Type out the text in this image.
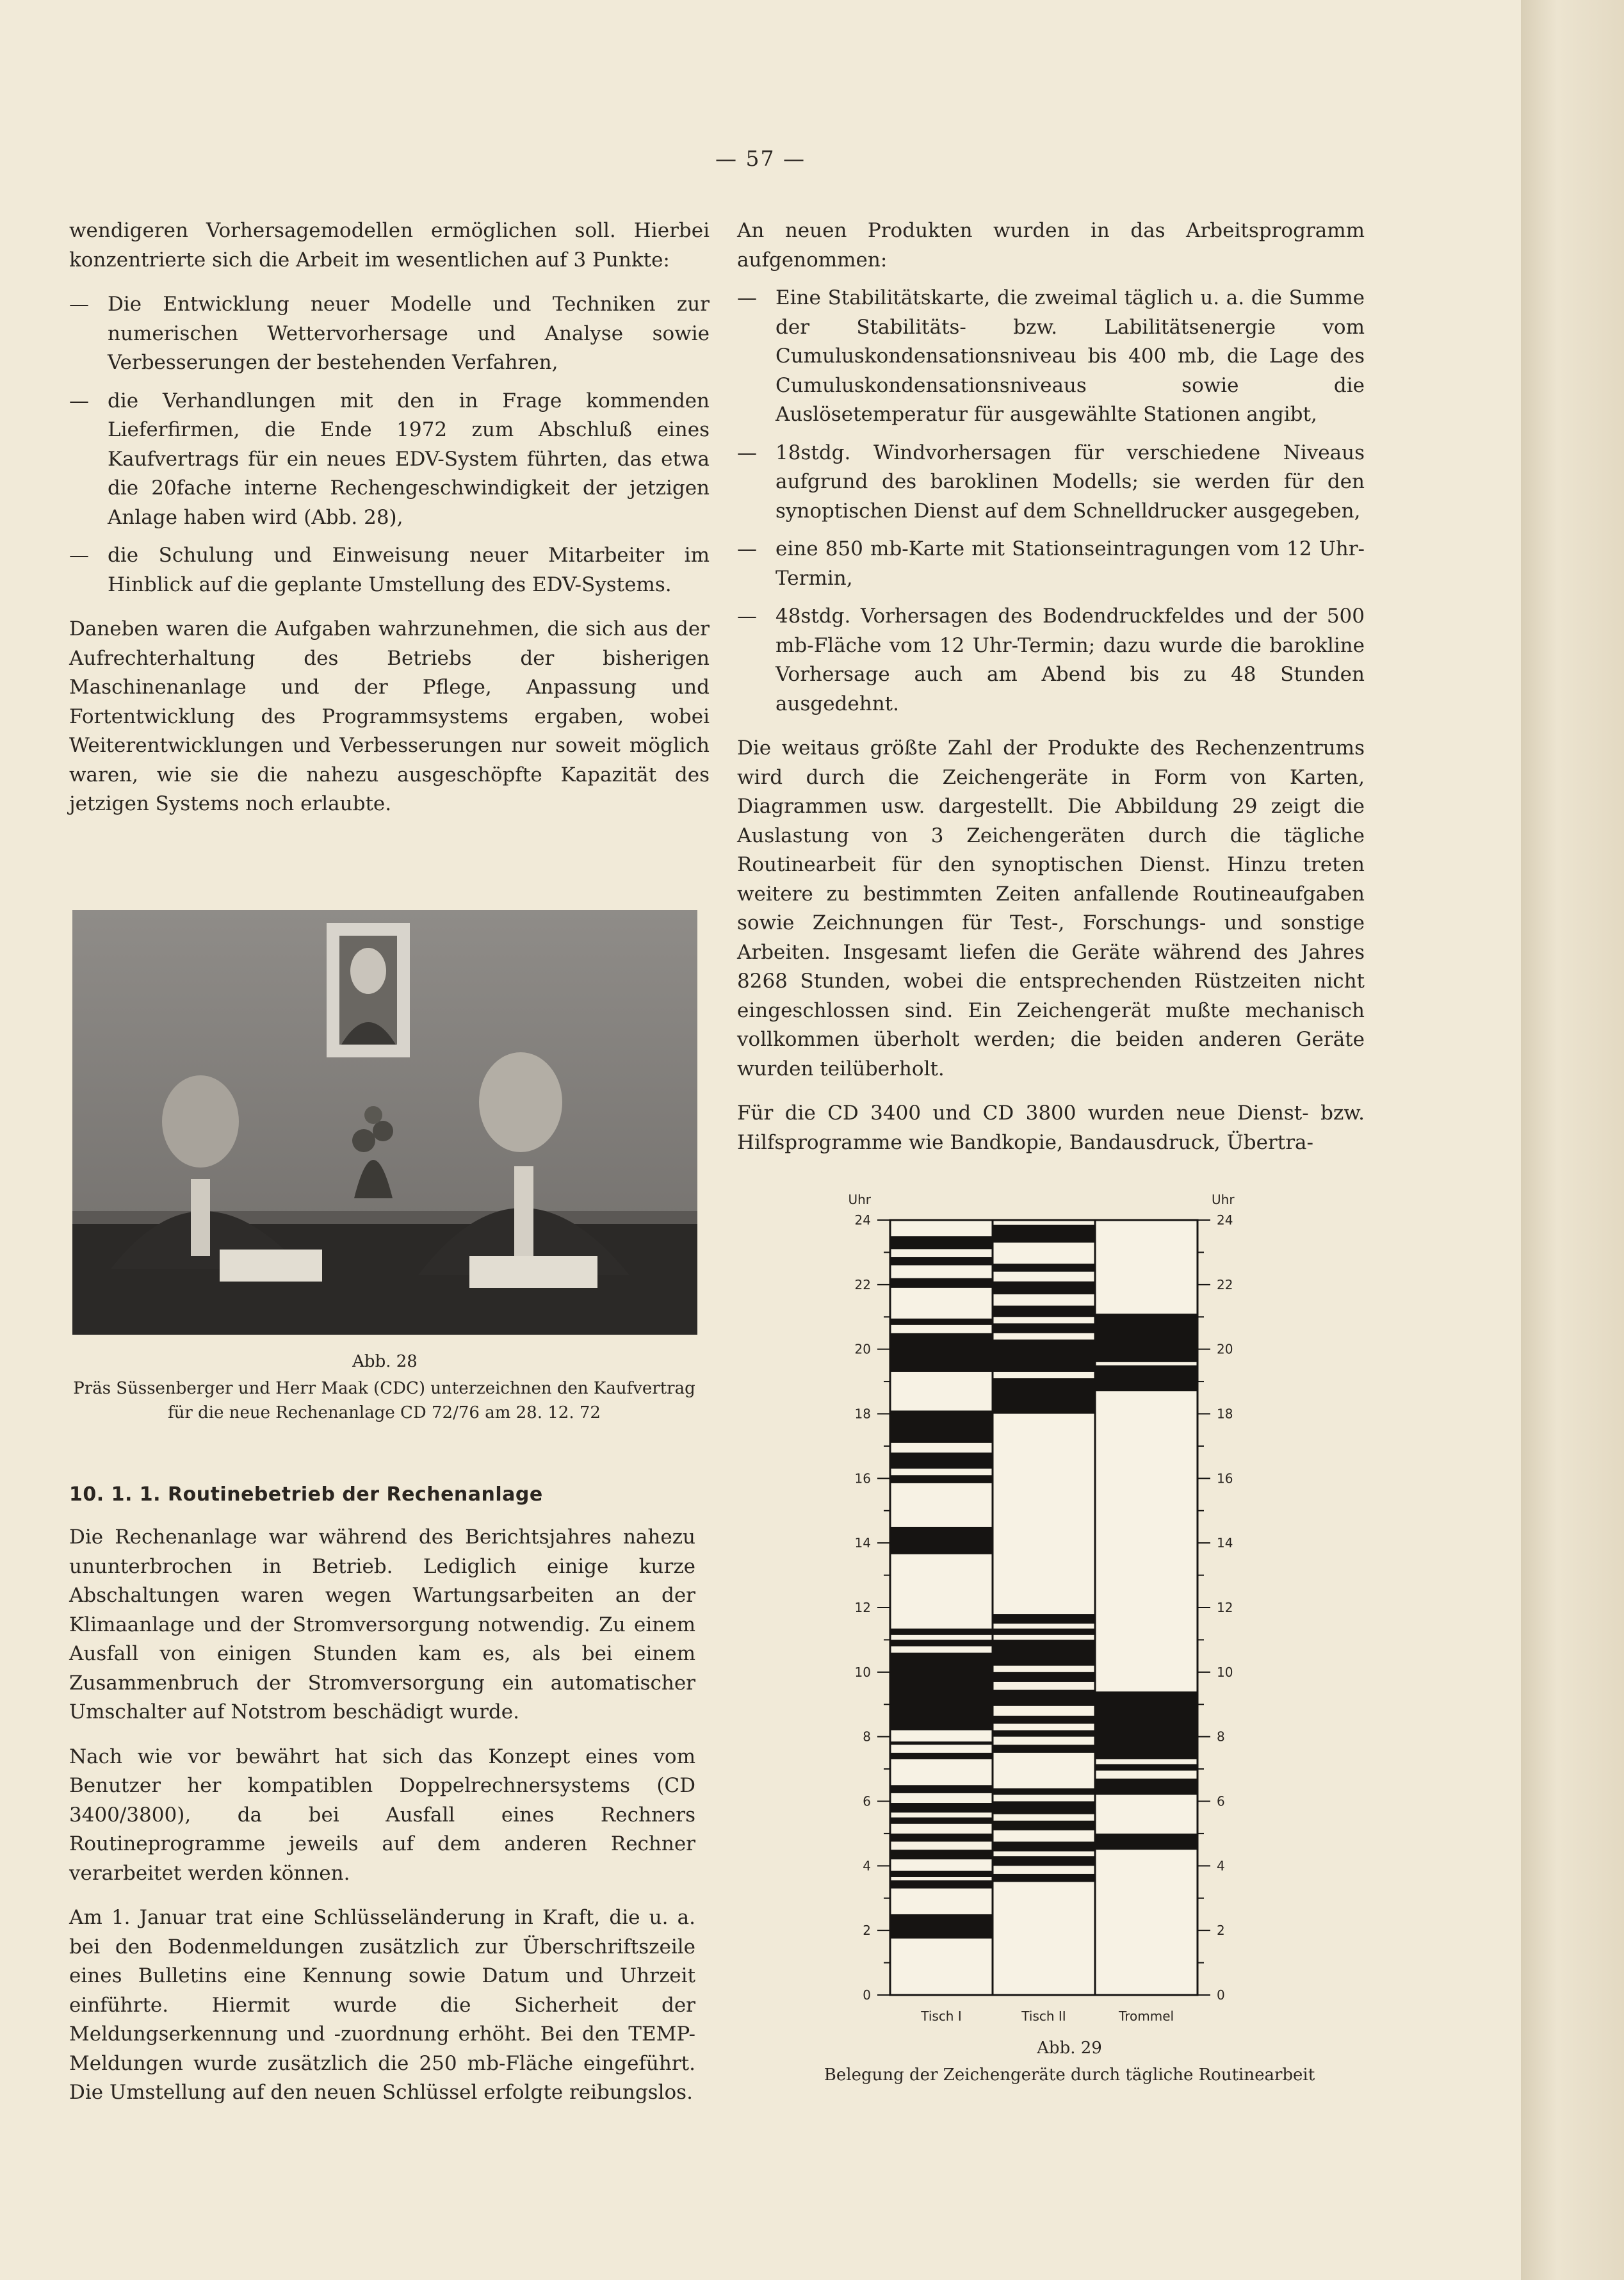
— 57 —

wendigeren Vorhersagemodellen ermöglichen soll. Hierbei konzentrierte sich die Arbeit im wesentlichen auf 3 Punkte:

— Die Entwicklung neuer Modelle und Techniken zur numerischen Wettervorhersage und Analyse sowie Verbesserungen der bestehenden Verfahren,
— die Verhandlungen mit den in Frage kommenden Lieferfirmen, die Ende 1972 zum Abschluß eines Kaufvertrags für ein neues EDV-System führten, das etwa die 20fache interne Rechengeschwindigkeit der jetzigen Anlage haben wird (Abb. 28),
— die Schulung und Einweisung neuer Mitarbeiter im Hinblick auf die geplante Umstellung des EDV-Systems.

Daneben waren die Aufgaben wahrzunehmen, die sich aus der Aufrechterhaltung des Betriebs der bisherigen Maschinenanlage und der Pflege, Anpassung und Fortentwicklung des Programmsystems ergaben, wobei Weiterentwicklungen und Verbesserungen nur soweit möglich waren, wie sie die nahezu ausgeschöpfte Kapazität des jetzigen Systems noch erlaubte.

Abb. 28
Präs Süssenberger und Herr Maak (CDC) unterzeichnen den Kaufvertrag
für die neue Rechenanlage CD 72/76 am 28. 12. 72
10. 1. 1. Routinebetrieb der Rechenanlage

Die Rechenanlage war während des Berichtsjahres nahezu ununterbrochen in Betrieb. Lediglich einige kurze Abschaltungen waren wegen Wartungsarbeiten an der Klimaanlage und der Stromversorgung notwendig. Zu einem Ausfall von einigen Stunden kam es, als bei einem Zusammenbruch der Stromversorgung ein automatischer Umschalter auf Notstrom beschädigt wurde.

Nach wie vor bewährt hat sich das Konzept eines vom Benutzer her kompatiblen Doppelrechnersystems (CD 3400/3800), da bei Ausfall eines Rechners Routineprogramme jeweils auf dem anderen Rechner verarbeitet werden können.

Am 1. Januar trat eine Schlüsseländerung in Kraft, die u. a. bei den Bodenmeldungen zusätzlich zur Überschriftszeile eines Bulletins eine Kennung sowie Datum und Uhrzeit einführte. Hiermit wurde die Sicherheit der Meldungserkennung und -zuordnung erhöht. Bei den TEMP-Meldungen wurde zusätzlich die 250 mb-Fläche eingeführt. Die Umstellung auf den neuen Schlüssel erfolgte reibungslos.

An neuen Produkten wurden in das Arbeitsprogramm aufgenommen:

— Eine Stabilitätskarte, die zweimal täglich u. a. die Summe der Stabilitäts- bzw. Labilitätsenergie vom Cumuluskondensationsniveau bis 400 mb, die Lage des Cumuluskondensationsniveaus sowie die Auslösetemperatur für ausgewählte Stationen angibt,
— 18stdg. Windvorhersagen für verschiedene Niveaus aufgrund des baroklinen Modells; sie werden für den synoptischen Dienst auf dem Schnelldrucker ausgegeben,
— eine 850 mb-Karte mit Stationseintragungen vom 12 Uhr-Termin,
— 48stdg. Vorhersagen des Bodendruckfeldes und der 500 mb-Fläche vom 12 Uhr-Termin; dazu wurde die barokline Vorhersage auch am Abend bis zu 48 Stunden ausgedehnt.

Die weitaus größte Zahl der Produkte des Rechenzentrums wird durch die Zeichengeräte in Form von Karten, Diagrammen usw. dargestellt. Die Abbildung 29 zeigt die Auslastung von 3 Zeichengeräten durch die tägliche Routinearbeit für den synoptischen Dienst. Hinzu treten weitere zu bestimmten Zeiten anfallende Routineaufgaben sowie Zeichnungen für Test-, Forschungs- und sonstige Arbeiten. Insgesamt liefen die Geräte während des Jahres 8268 Stunden, wobei die entsprechenden Rüstzeiten nicht eingeschlossen sind. Ein Zeichengerät mußte mechanisch vollkommen überholt werden; die beiden anderen Geräte wurden teilüberholt.

Für die CD 3400 und CD 3800 wurden neue Dienst- bzw. Hilfsprogramme wie Bandkopie, Bandausdruck, Übertra-

0	0
2	2
4	4
6	6
8	8
10	10
12	12
14	14
16	16
18	18
20	20
22	22
24	24
Uhr	Uhr
Tisch I	Tisch II	Trommel
Abb. 29
Belegung der Zeichengeräte durch tägliche Routinearbeit
